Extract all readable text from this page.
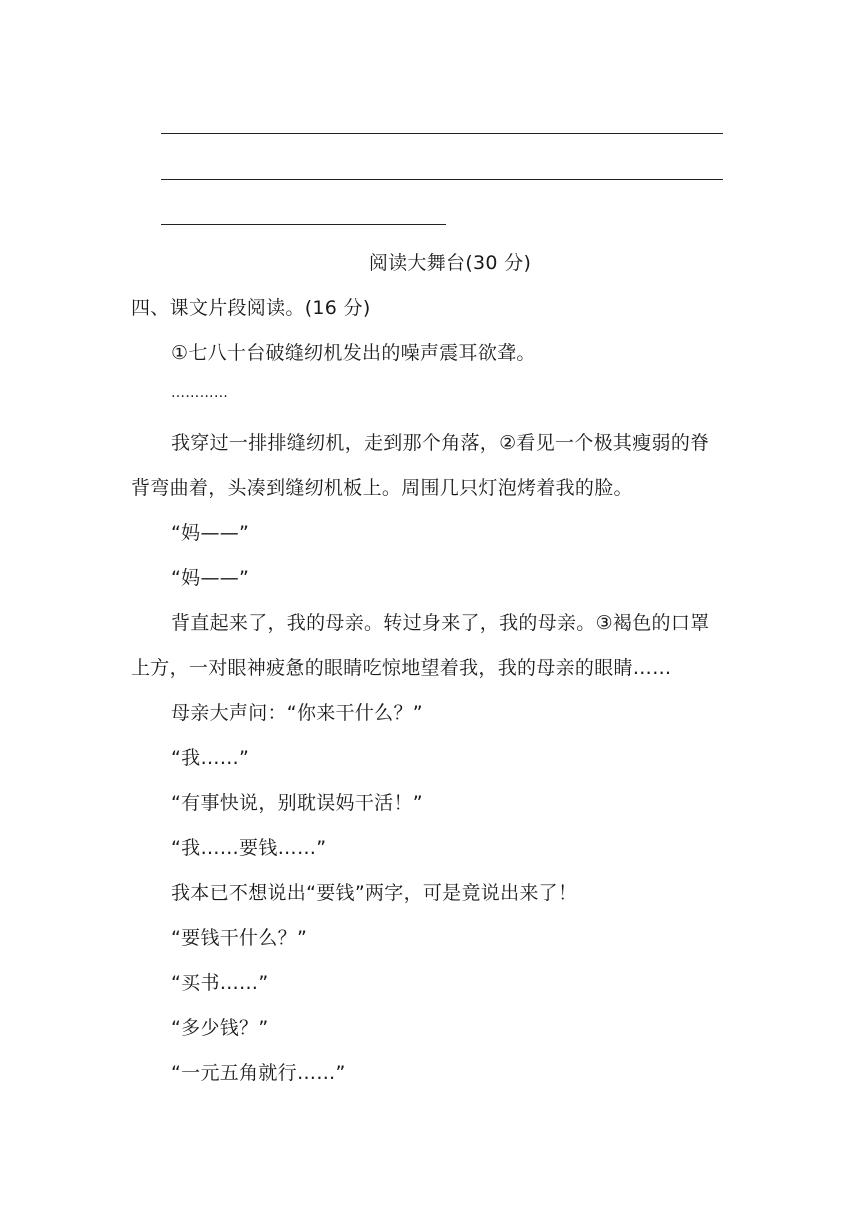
阅读大舞台(30 分)
四、课文片段阅读。(16 分)
①七八十台破缝纫机发出的噪声震耳欲聋。
…………
我穿过一排排缝纫机，走到那个角落，②看见一个极其瘦弱的脊
背弯曲着，头凑到缝纫机板上。周围几只灯泡烤着我的脸。
“妈——”
“妈——”
背直起来了，我的母亲。转过身来了，我的母亲。③褐色的口罩
上方，一对眼神疲惫的眼睛吃惊地望着我，我的母亲的眼睛……
母亲大声问：“你来干什么？”
“我……”
“有事快说，别耽误妈干活！”
“我……要钱……”
我本已不想说出“要钱”两字，可是竟说出来了！
“要钱干什么？”
“买书……”
“多少钱？”
“一元五角就行……”
